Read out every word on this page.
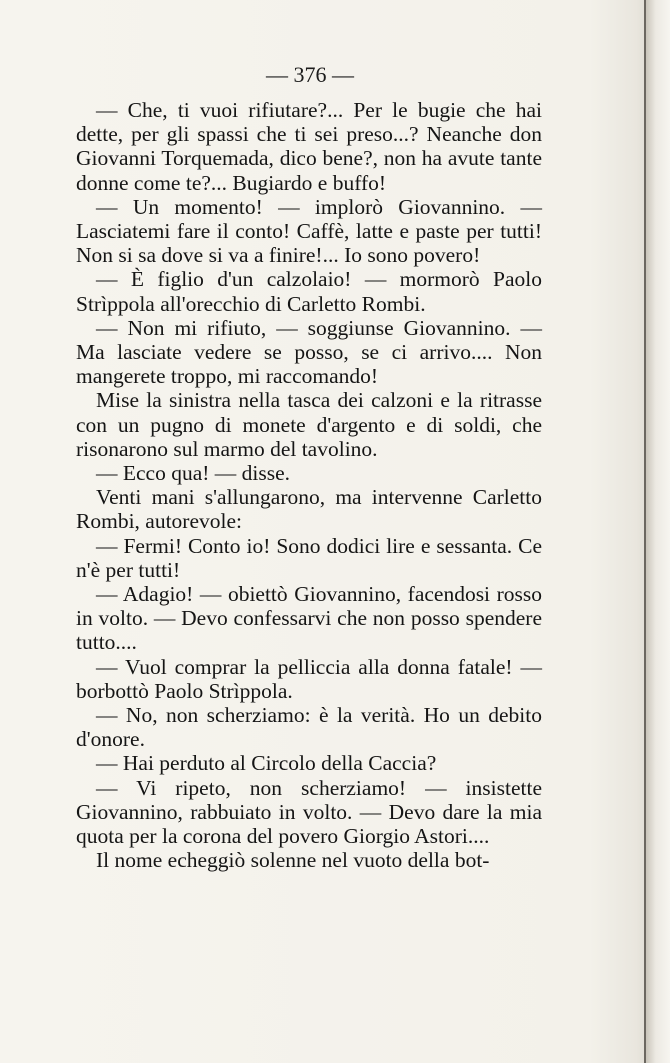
— 376 —

— Che, ti vuoi rifiutare?... Per le bugie che hai dette, per gli spassi che ti sei preso...? Neanche don Giovanni Torquemada, dico bene?, non ha avute tante donne come te?... Bugiardo e buffo!

— Un momento! — implorò Giovannino. — Lasciatemi fare il conto! Caffè, latte e paste per tutti! Non si sa dove si va a finire!... Io sono povero!

— È figlio d'un calzolaio! — mormorò Paolo Strìppola all'orecchio di Carletto Rombi.

— Non mi rifiuto, — soggiunse Giovannino. — Ma lasciate vedere se posso, se ci arrivo.... Non mangerete troppo, mi raccomando!

Mise la sinistra nella tasca dei calzoni e la ritrasse con un pugno di monete d'argento e di soldi, che risonarono sul marmo del tavolino.

— Ecco qua! — disse.

Venti mani s'allungarono, ma intervenne Carletto Rombi, autorevole:

— Fermi! Conto io! Sono dodici lire e sessanta. Ce n'è per tutti!

— Adagio! — obiettò Giovannino, facendosi rosso in volto. — Devo confessarvi che non posso spendere tutto....

— Vuol comprar la pelliccia alla donna fatale! — borbottò Paolo Strìppola.

— No, non scherziamo: è la verità. Ho un debito d'onore.

— Hai perduto al Circolo della Caccia?

— Vi ripeto, non scherziamo! — insistette Giovannino, rabbuiato in volto. — Devo dare la mia quota per la corona del povero Giorgio Astori....

Il nome echeggiò solenne nel vuoto della bot-
